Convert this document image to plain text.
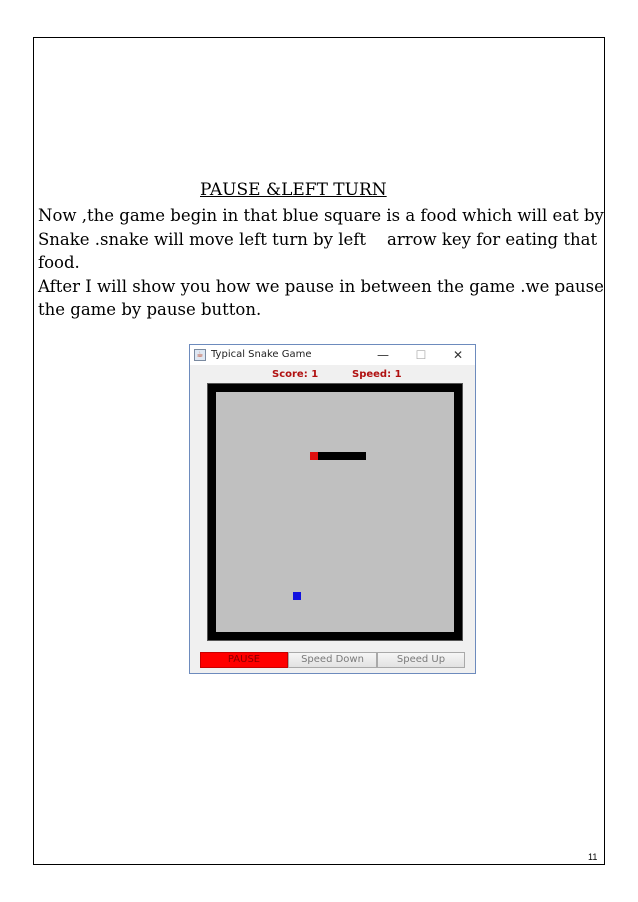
PAUSE &LEFT TURN

Now ,the game begin in that blue square is a food which will eat by

Snake .snake will move left turn by left    arrow key for eating that

food.

After I will show you how we pause in between the game .we pause

the game by pause button.

☕ Typical Snake Game	—	☐	✕
Score: 1	Speed: 1
PAUSE	Speed Down	Speed Up
11
